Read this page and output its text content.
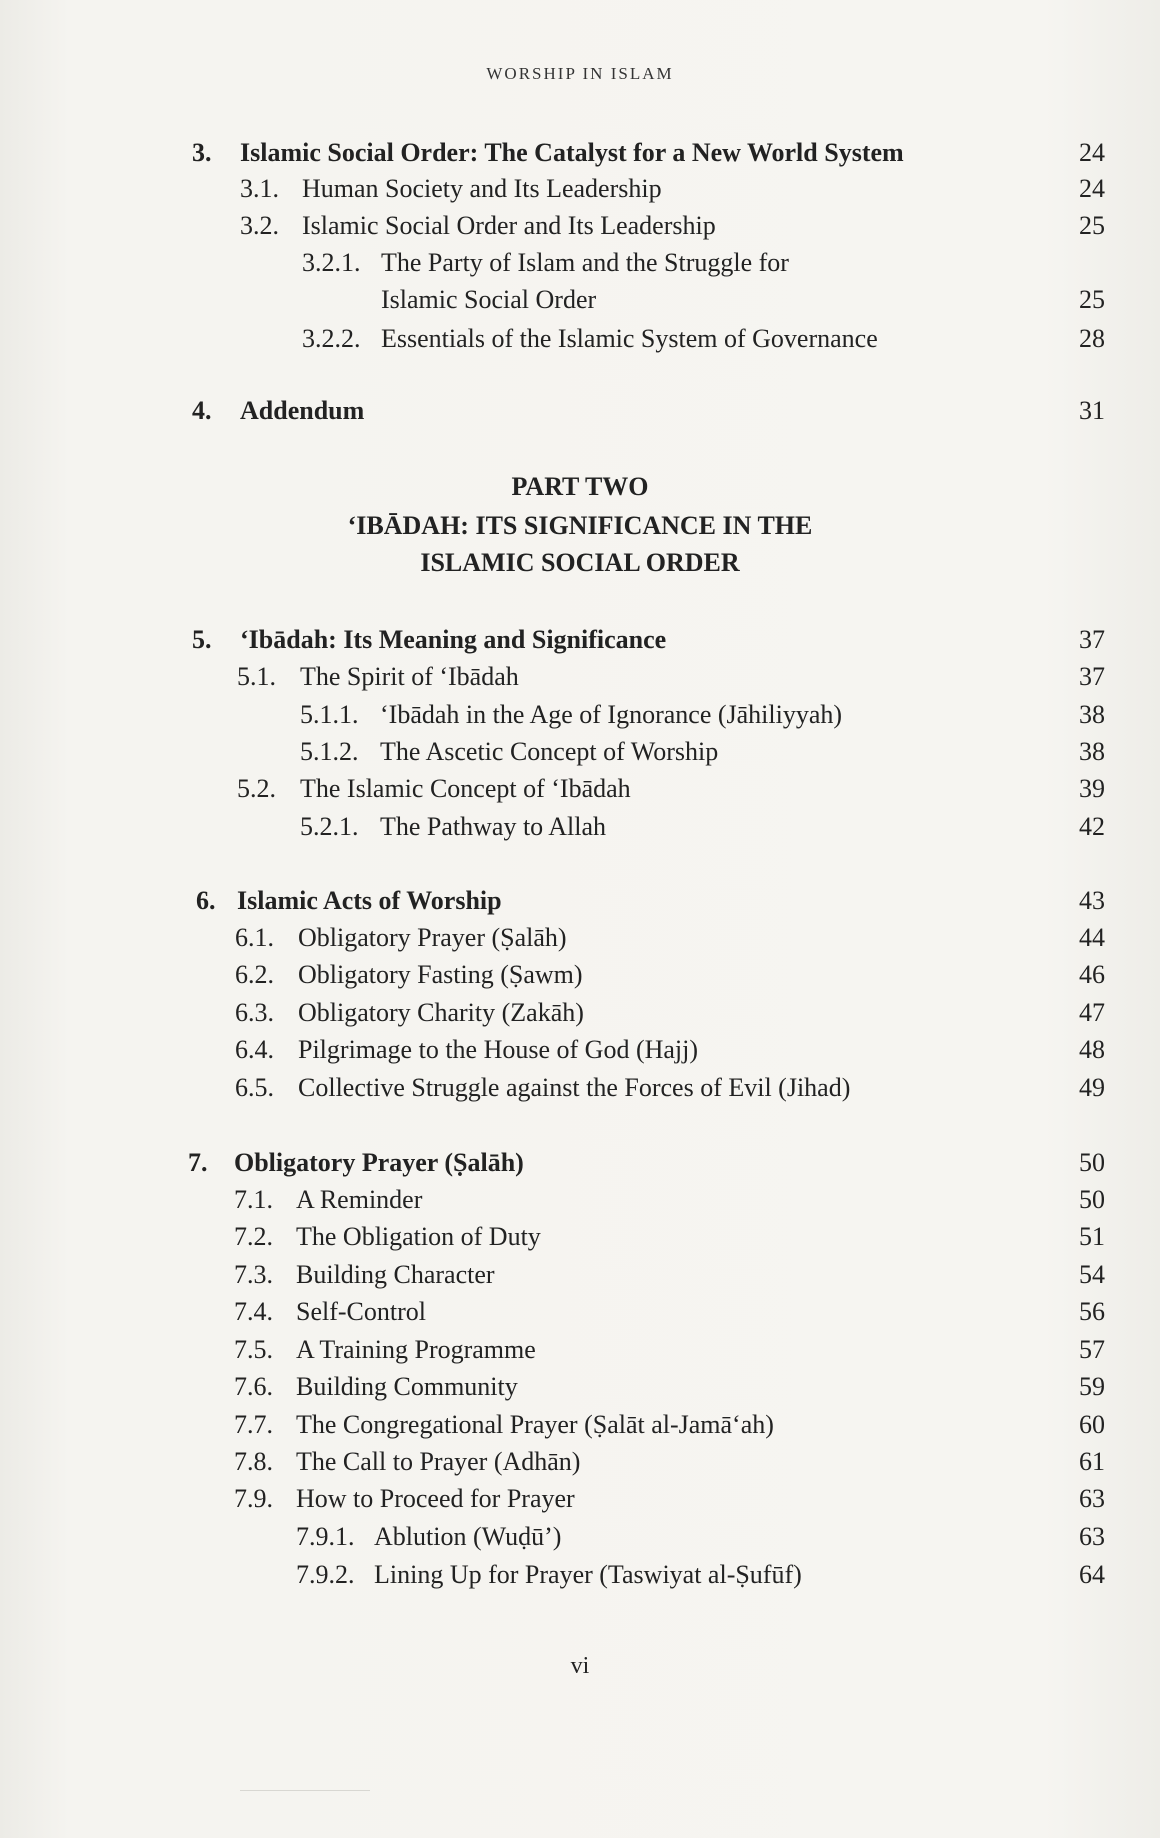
WORSHIP IN ISLAM
3. Islamic Social Order: The Catalyst for a New World System	24
3.1. Human Society and Its Leadership	24
3.2. Islamic Social Order and Its Leadership	25
3.2.1. The Party of Islam and the Struggle for
Islamic Social Order	25
3.2.2. Essentials of the Islamic System of Governance	28
4. Addendum	31
PART TWO
‘IBĀDAH: ITS SIGNIFICANCE IN THE
ISLAMIC SOCIAL ORDER
5. ‘Ibādah: Its Meaning and Significance	37
5.1. The Spirit of ‘Ibādah	37
5.1.1. ‘Ibādah in the Age of Ignorance (Jāhiliyyah)	38
5.1.2. The Ascetic Concept of Worship	38
5.2. The Islamic Concept of ‘Ibādah	39
5.2.1. The Pathway to Allah	42
6. Islamic Acts of Worship	43
6.1. Obligatory Prayer (Ṣalāh)	44
6.2. Obligatory Fasting (Ṣawm)	46
6.3. Obligatory Charity (Zakāh)	47
6.4. Pilgrimage to the House of God (Hajj)	48
6.5. Collective Struggle against the Forces of Evil (Jihad)	49
7. Obligatory Prayer (Ṣalāh)	50
7.1. A Reminder	50
7.2. The Obligation of Duty	51
7.3. Building Character	54
7.4. Self-Control	56
7.5. A Training Programme	57
7.6. Building Community	59
7.7. The Congregational Prayer (Ṣalāt al-Jamā‘ah)	60
7.8. The Call to Prayer (Adhān)	61
7.9. How to Proceed for Prayer	63
7.9.1. Ablution (Wuḍū’)	63
7.9.2. Lining Up for Prayer (Taswiyat al-Ṣufūf)	64
vi
